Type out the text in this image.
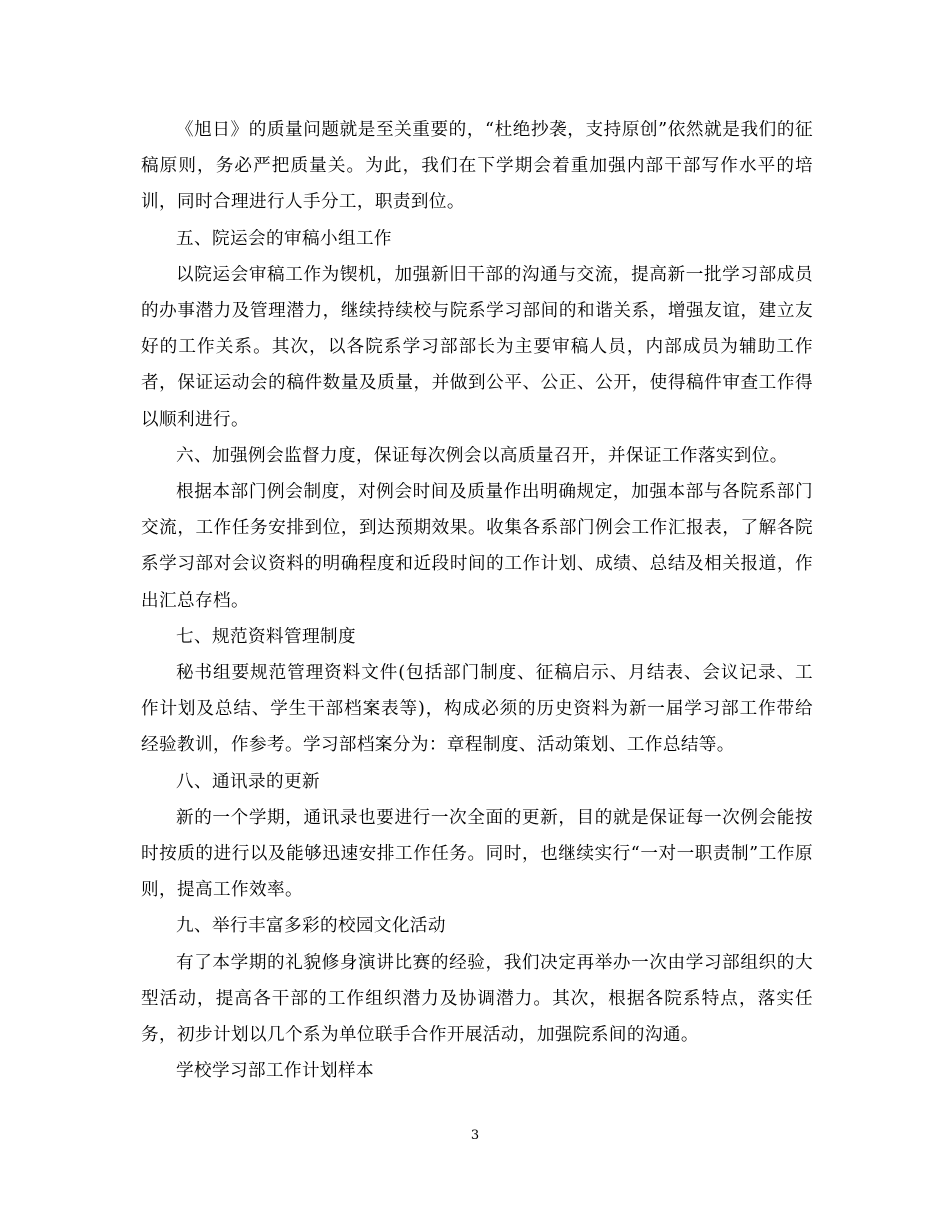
《旭日》的质量问题就是至关重要的，“杜绝抄袭，支持原创”依然就是我们的征稿原则，务必严把质量关。为此，我们在下学期会着重加强内部干部写作水平的培训，同时合理进行人手分工，职责到位。

五、院运会的审稿小组工作

以院运会审稿工作为锲机，加强新旧干部的沟通与交流，提高新一批学习部成员的办事潜力及管理潜力，继续持续校与院系学习部间的和谐关系，增强友谊，建立友好的工作关系。其次，以各院系学习部部长为主要审稿人员，内部成员为辅助工作者，保证运动会的稿件数量及质量，并做到公平、公正、公开，使得稿件审查工作得以顺利进行。

六、加强例会监督力度，保证每次例会以高质量召开，并保证工作落实到位。

根据本部门例会制度，对例会时间及质量作出明确规定，加强本部与各院系部门交流，工作任务安排到位，到达预期效果。收集各系部门例会工作汇报表，了解各院系学习部对会议资料的明确程度和近段时间的工作计划、成绩、总结及相关报道，作出汇总存档。

七、规范资料管理制度

秘书组要规范管理资料文件(包括部门制度、征稿启示、月结表、会议记录、工作计划及总结、学生干部档案表等)，构成必须的历史资料为新一届学习部工作带给经验教训，作参考。学习部档案分为：章程制度、活动策划、工作总结等。

八、通讯录的更新

新的一个学期，通讯录也要进行一次全面的更新，目的就是保证每一次例会能按时按质的进行以及能够迅速安排工作任务。同时，也继续实行“一对一职责制”工作原则，提高工作效率。

九、举行丰富多彩的校园文化活动

有了本学期的礼貌修身演讲比赛的经验，我们决定再举办一次由学习部组织的大型活动，提高各干部的工作组织潜力及协调潜力。其次，根据各院系特点，落实任务，初步计划以几个系为单位联手合作开展活动，加强院系间的沟通。

学校学习部工作计划样本

3
